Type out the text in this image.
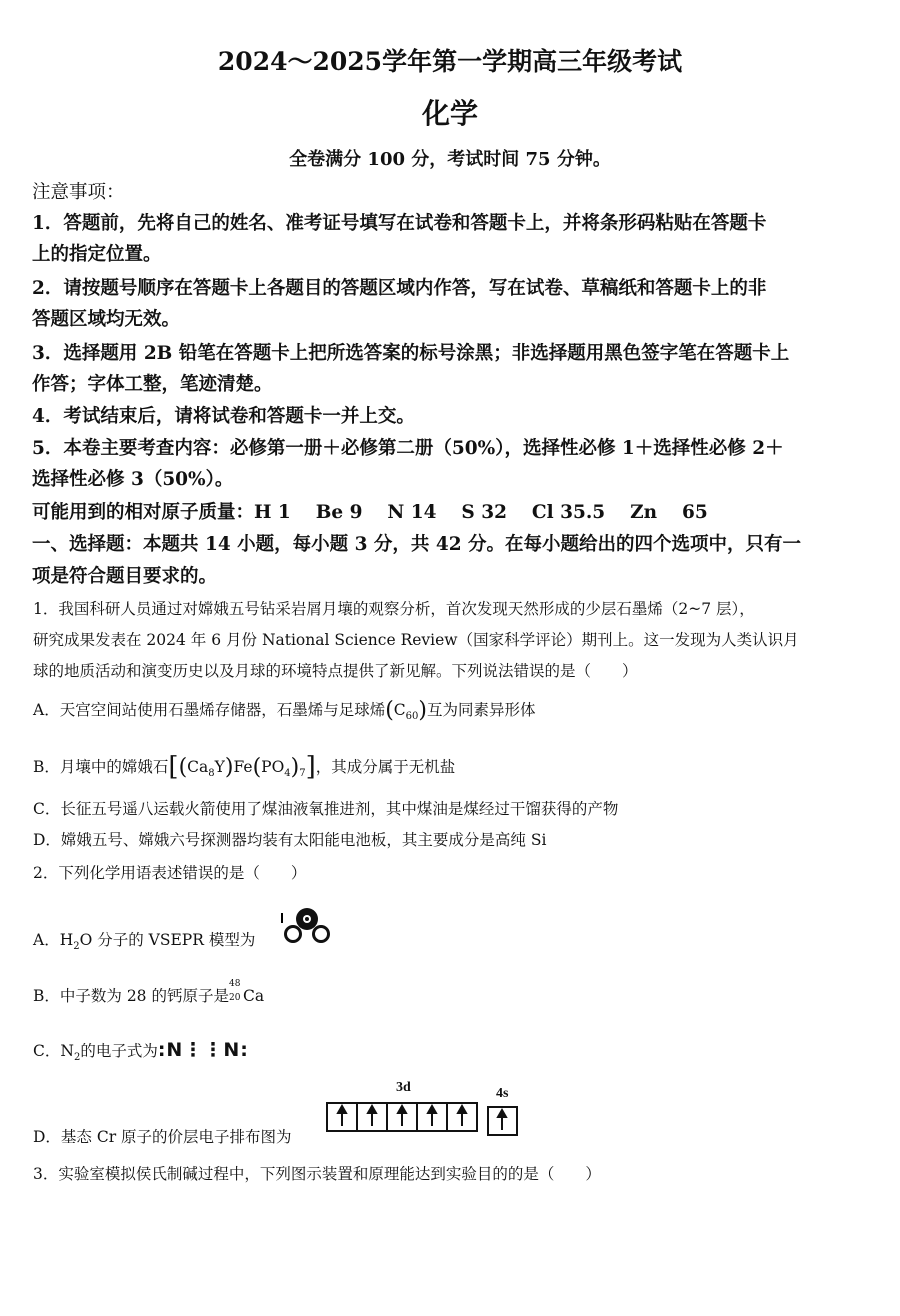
2024～2025学年第一学期高三年级考试
化学
全卷满分 100 分，考试时间 75 分钟。
注意事项：
1．答题前，先将自己的姓名、准考证号填写在试卷和答题卡上，并将条形码粘贴在答题卡
上的指定位置。
2．请按题号顺序在答题卡上各题目的答题区域内作答，写在试卷、草稿纸和答题卡上的非
答题区域均无效。
3．选择题用 2B 铅笔在答题卡上把所选答案的标号涂黑；非选择题用黑色签字笔在答题卡上
作答；字体工整，笔迹清楚。
4．考试结束后，请将试卷和答题卡一并上交。
5．本卷主要考查内容：必修第一册＋必修第二册（50%），选择性必修 1＋选择性必修 2＋
选择性必修 3（50%）。
可能用到的相对原子质量：H 1　 Be 9　 N 14　 S 32　 Cl 35.5　 Zn　 65
一、选择题：本题共 14 小题，每小题 3 分，共 42 分。在每小题给出的四个选项中，只有一
项是符合题目要求的。
1．我国科研人员通过对嫦娥五号钻采岩屑月壤的观察分析，首次发现天然形成的少层石墨烯（2~7 层），
研究成果发表在 2024 年 6 月份 National Science Review（国家科学评论）期刊上。这一发现为人类认识月
球的地质活动和演变历史以及月球的环境特点提供了新见解。下列说法错误的是（　　）
A．天宫空间站使用石墨烯存储器，石墨烯与足球烯$(C_{60})$互为同素异形体
B．月壤中的嫦娥石$[(Ca_8Y)Fe(PO_4)_7]$，其成分属于无机盐
C．长征五号遥八运载火箭使用了煤油液氧推进剂，其中煤油是煤经过干馏获得的产物
D．嫦娥五号、嫦娥六号探测器均装有太阳能电池板，其主要成分是高纯 Si
2．下列化学用语表述错误的是（　　）
A．$H_2O$ 分子的 VSEPR 模型为
B．中子数为 28 的钙原子是
48
20 Ca
C．$N_2$的电子式为:N⋮⋮N:
D．基态 Cr 原子的价层电子排布图为
3d	4s
3．实验室模拟侯氏制碱过程中，下列图示装置和原理能达到实验目的的是（　　）
